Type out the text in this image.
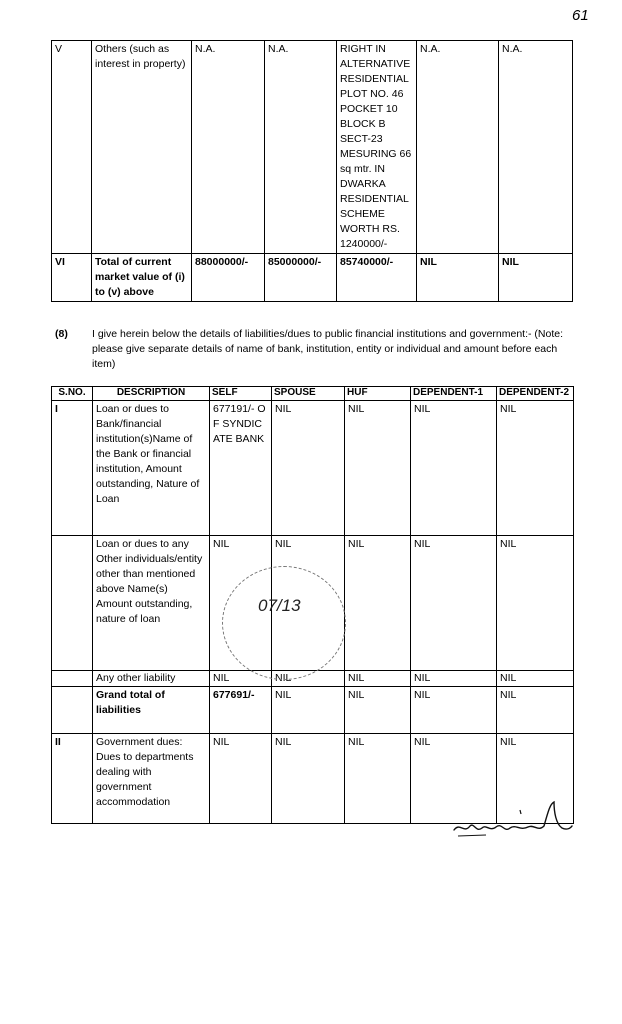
61
V	Others (such as interest in property)	N.A.	N.A.	RIGHT IN ALTERNATIVE RESIDENTIAL PLOT NO. 46 POCKET 10 BLOCK B SECT-23 MESURING 66 sq mtr. IN DWARKA RESIDENTIAL SCHEME WORTH RS. 1240000/-	N.A.	N.A.
VI	Total of current market value of (i) to (v) above	88000000/-	85000000/-	85740000/-	NIL	NIL
(8) I give herein below the details of liabilities/dues to public financial institutions and government:- (Note: please give separate details of name of bank, institution, entity or individual and amount before each item)
S.NO.	DESCRIPTION	SELF	SPOUSE	HUF	DEPENDENT-1	DEPENDENT-2
I	Loan or dues to Bank/financial institution(s)Name of the Bank or financial institution, Amount outstanding, Nature of Loan	677191/- OF SYNDICATE BANK	NIL	NIL	NIL	NIL
	Loan or dues to any Other individuals/entity other than mentioned above Name(s) Amount outstanding, nature of loan	NIL	NIL	NIL	NIL	NIL
	Any other liability	NIL	NIL	NIL	NIL	NIL
	Grand total of liabilities	677691/-	NIL	NIL	NIL	NIL
II	Government dues: Dues to departments dealing with government accommodation	NIL	NIL	NIL	NIL	NIL
07/13
